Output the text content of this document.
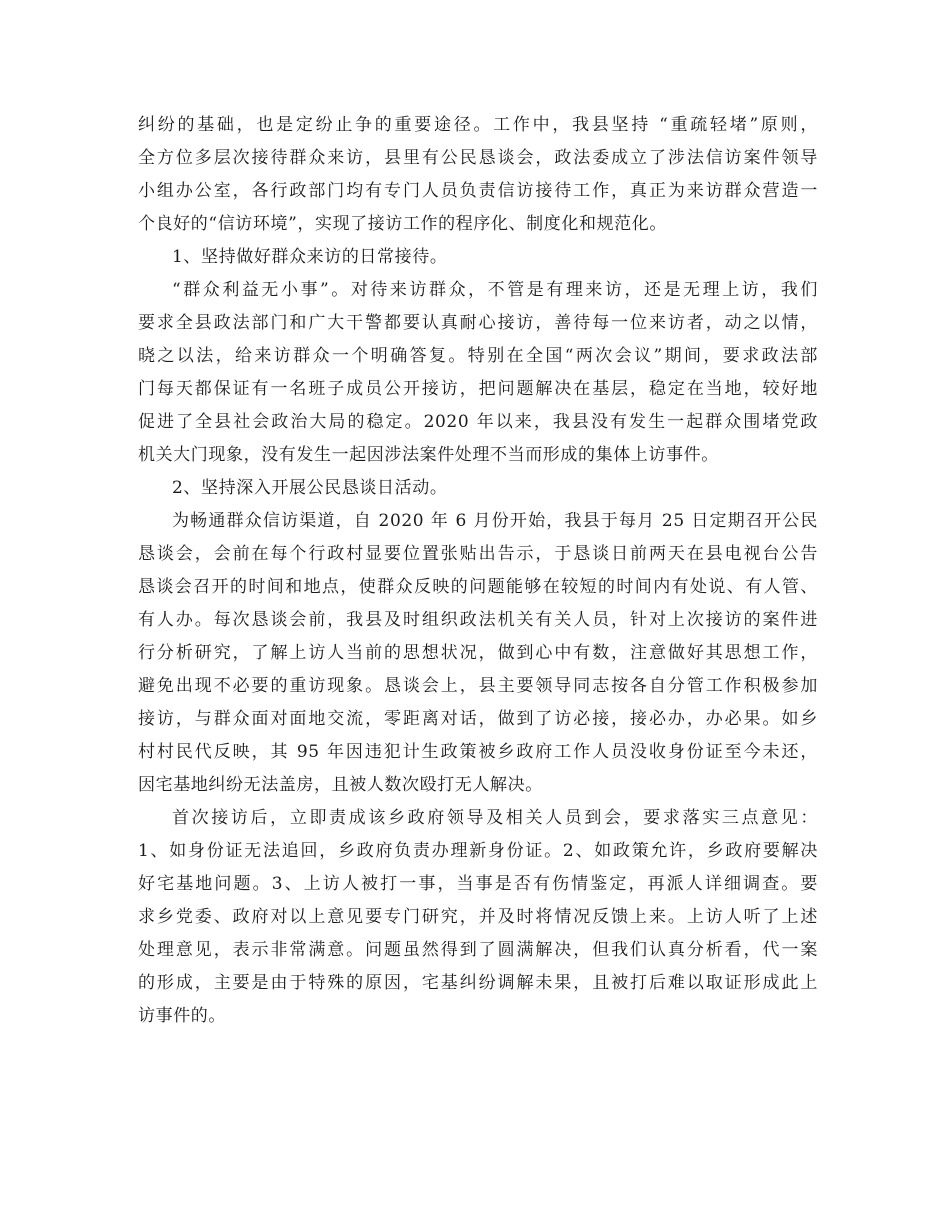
纠纷的基础，也是定纷止争的重要途径。工作中，我县坚持 “重疏轻堵”原则，
全方位多层次接待群众来访，县里有公民恳谈会，政法委成立了涉法信访案件领导
小组办公室，各行政部门均有专门人员负责信访接待工作，真正为来访群众营造一
个良好的“信访环境”，实现了接访工作的程序化、制度化和规范化。
1、坚持做好群众来访的日常接待。
“群众利益无小事”。对待来访群众，不管是有理来访，还是无理上访，我们
要求全县政法部门和广大干警都要认真耐心接访，善待每一位来访者，动之以情，
晓之以法，给来访群众一个明确答复。特别在全国“两次会议”期间，要求政法部
门每天都保证有一名班子成员公开接访，把问题解决在基层，稳定在当地，较好地
促进了全县社会政治大局的稳定。2020 年以来，我县没有发生一起群众围堵党政
机关大门现象，没有发生一起因涉法案件处理不当而形成的集体上访事件。
2、坚持深入开展公民恳谈日活动。
为畅通群众信访渠道，自 2020 年 6 月份开始，我县于每月 25 日定期召开公民
恳谈会，会前在每个行政村显要位置张贴出告示，于恳谈日前两天在县电视台公告
恳谈会召开的时间和地点，使群众反映的问题能够在较短的时间内有处说、有人管、
有人办。每次恳谈会前，我县及时组织政法机关有关人员，针对上次接访的案件进
行分析研究，了解上访人当前的思想状况，做到心中有数，注意做好其思想工作，
避免出现不必要的重访现象。恳谈会上，县主要领导同志按各自分管工作积极参加
接访，与群众面对面地交流，零距离对话，做到了访必接，接必办，办必果。如乡
村村民代反映，其 95 年因违犯计生政策被乡政府工作人员没收身份证至今未还，
因宅基地纠纷无法盖房，且被人数次殴打无人解决。
首次接访后，立即责成该乡政府领导及相关人员到会，要求落实三点意见：
1、如身份证无法追回，乡政府负责办理新身份证。2、如政策允许，乡政府要解决
好宅基地问题。3、上访人被打一事，当事是否有伤情鉴定，再派人详细调查。要
求乡党委、政府对以上意见要专门研究，并及时将情况反馈上来。上访人听了上述
处理意见，表示非常满意。问题虽然得到了圆满解决，但我们认真分析看，代一案
的形成，主要是由于特殊的原因，宅基纠纷调解未果，且被打后难以取证形成此上
访事件的。
